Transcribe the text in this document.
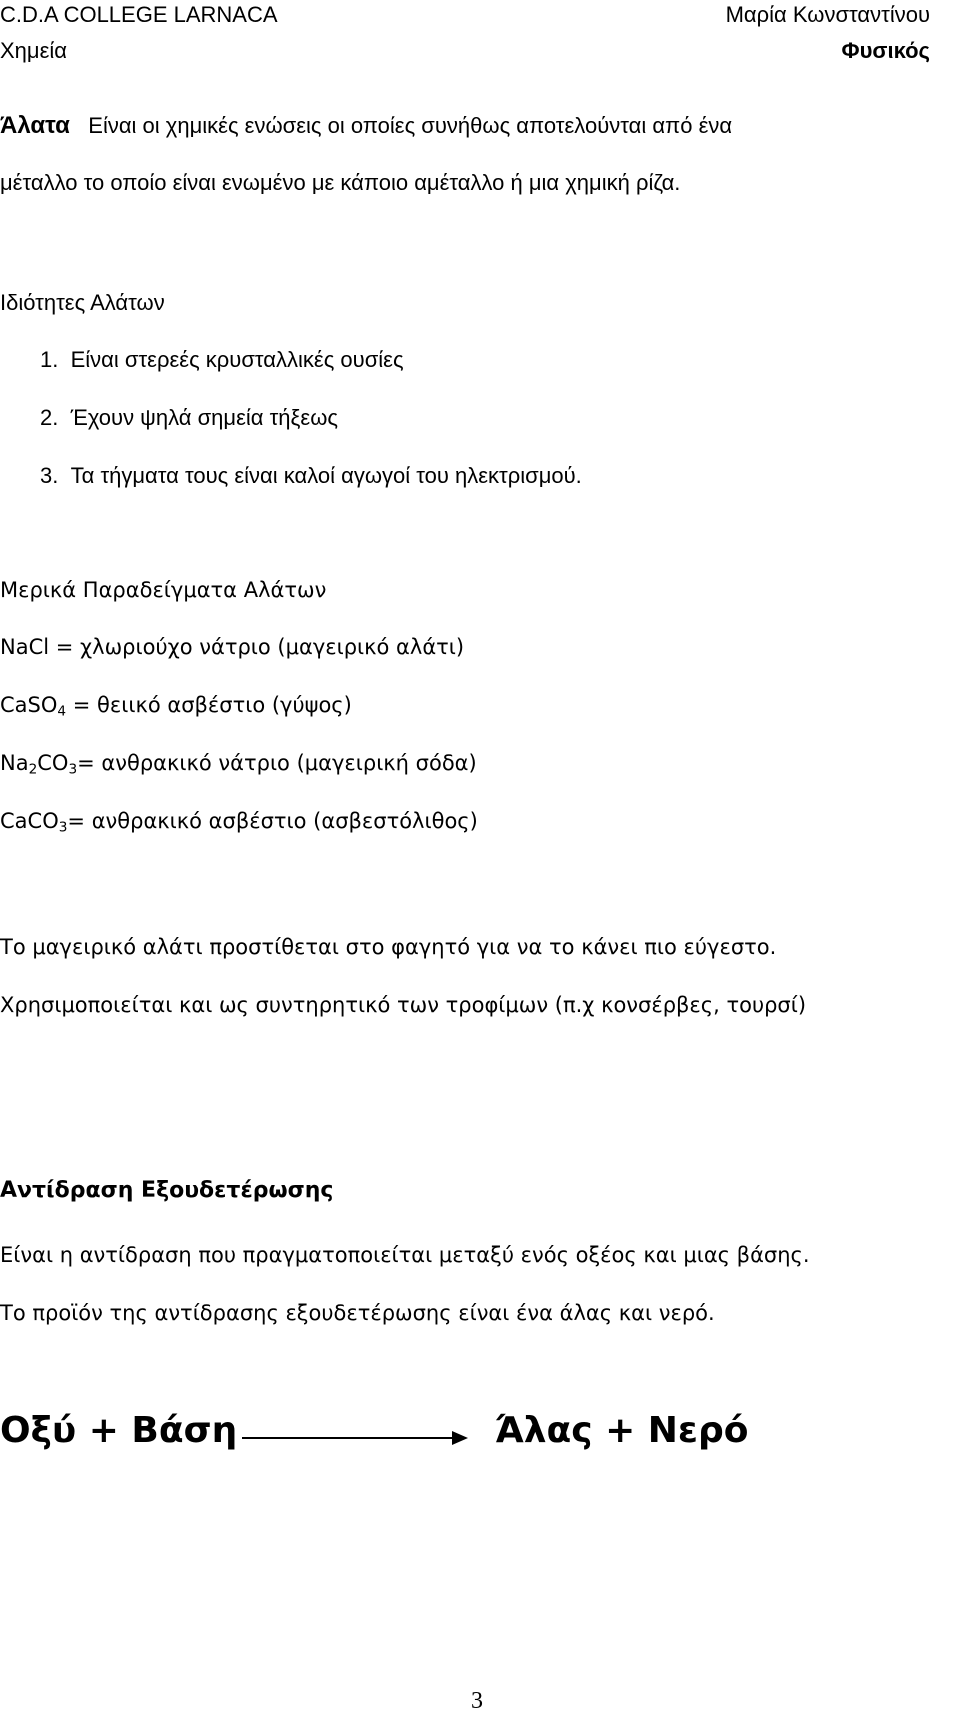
C.D.A COLLEGE LARNACA	Μαρία Κωνσταντίνου
Χημεία	Φυσικός
Άλατα Είναι οι χημικές ενώσεις οι οποίες συνήθως αποτελούνται από ένα
μέταλλο το οποίο είναι ενωμένο με κάποιο αμέταλλο ή μια χημική ρίζα.
Ιδιότητες Αλάτων
1. Είναι στερεές κρυσταλλικές ουσίες
2. Έχουν ψηλά σημεία τήξεως
3. Τα τήγματα τους είναι καλοί αγωγοί του ηλεκτρισμού.
Μερικά Παραδείγματα Αλάτων
NaCl = χλωριούχο νάτριο (μαγειρικό αλάτι)
CaSO$_4$ = θειικό ασβέστιο (γύψος)
$Na_2CO_3= \alpha\nu\theta\rho\alpha\kappa\iota\kappa ό$ νάτριο (μαγειρική σόδα)
CaCO$_3$= ανθρακικό ασβέστιο (ασβεστόλιθος)
Το μαγειρικό αλάτι προστίθεται στο φαγητό για να το κάνει πιο εύγεστο.
Χρησιμοποιείται και ως συντηρητικό των τροφίμων (π.χ κονσέρβες, τουρσί)
Αντίδραση Εξουδετέρωσης
Είναι η αντίδραση που πραγματοποιείται μεταξύ ενός οξέος και μιας βάσης.
Το προϊόν της αντίδρασης εξουδετέρωσης είναι ένα άλας και νερό.
Οξύ + Βάση	Άλας + Νερό
3
